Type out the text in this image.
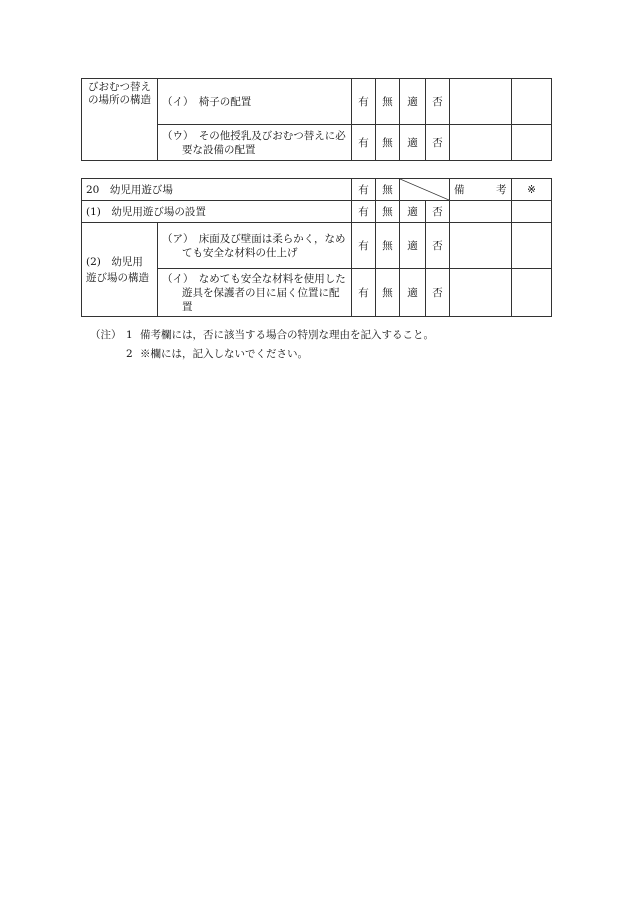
びおむつ替えの場所の構造	（イ）　椅子の配置	有	無	適	否		
	（ウ）　その他授乳及びおむつ替えに必要な設備の配置	有	無	適	否		
20　幼児用遊び場		有	無			備　　　考	※
(1)　幼児用遊び場の設置		有	無	適	否		
(2)　幼児用遊び場の構造	（ア）　床面及び壁面は柔らかく，なめても安全な材料の仕上げ	有	無	適	否		
	（イ）　なめても安全な材料を使用した遊具を保護者の目に届く位置に配置	有	無	適	否		
（注） 1 備考欄には，否に該当する場合の特別な理由を記入すること。
2 ※欄には，記入しないでください。
